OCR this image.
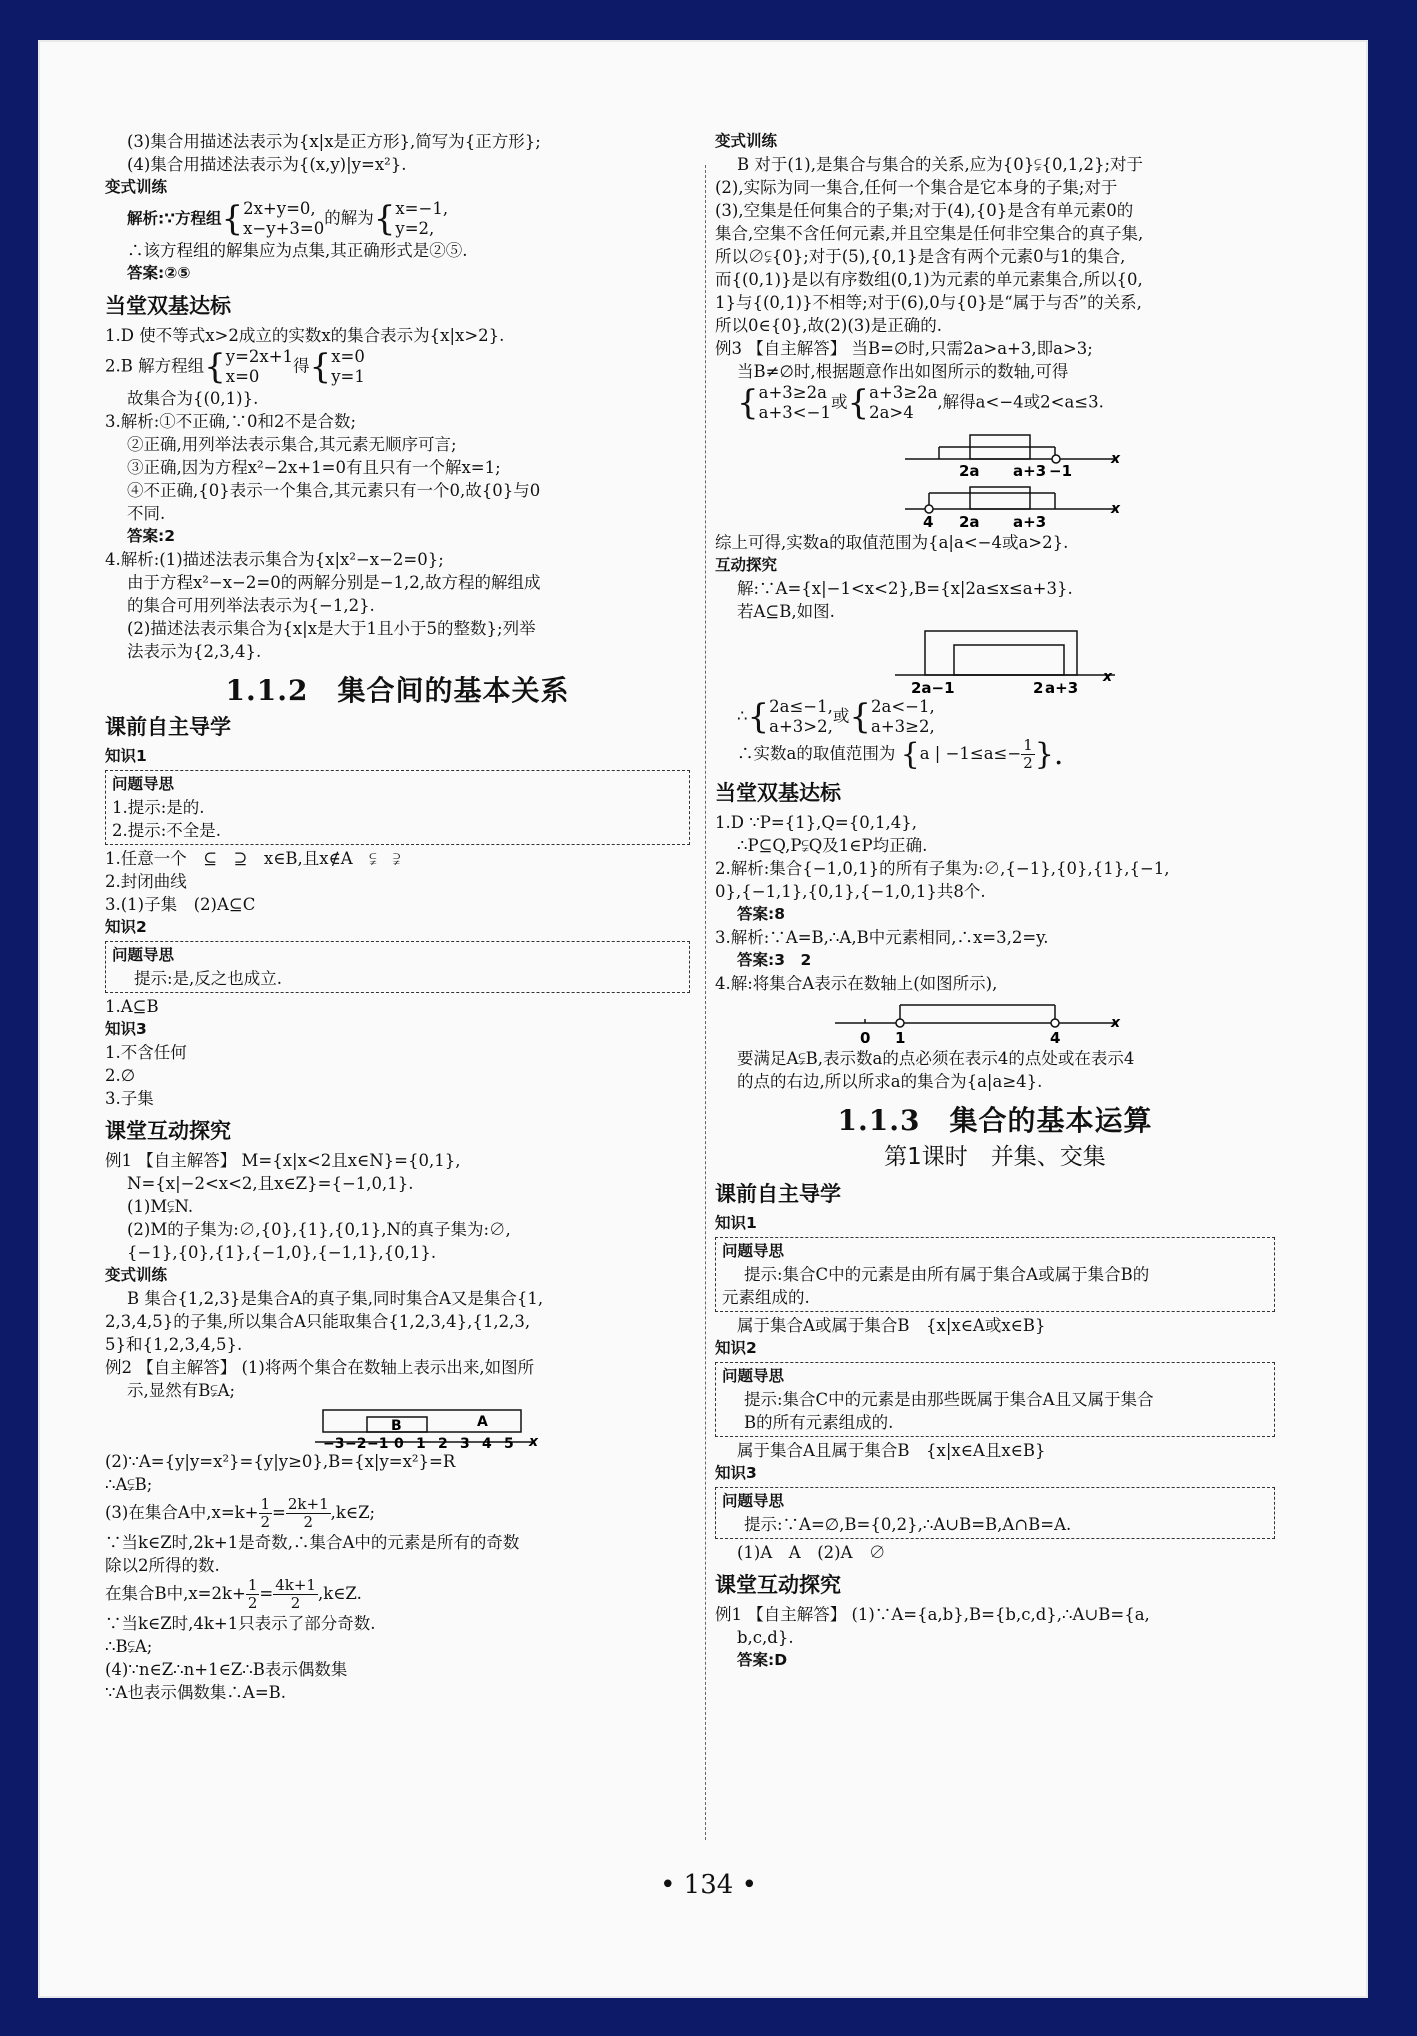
(3)集合用描述法表示为{x|x是正方形},简写为{正方形};
(4)集合用描述法表示为{(x,y)|y=x²}.
变式训练
解析:∵方程组{2x+y=0,
x−y+3=0的解为{x=−1,
y=2,
∴该方程组的解集应为点集,其正确形式是②⑤.
答案:②⑤
当堂双基达标
1.D 使不等式x>2成立的实数x的集合表示为{x|x>2}.
2.B 解方程组{y=2x+1
x=0得{x=0
y=1
故集合为{(0,1)}.
3.解析:①不正确,∵0和2不是合数;
②正确,用列举法表示集合,其元素无顺序可言;
③正确,因为方程x²−2x+1=0有且只有一个解x=1;
④不正确,{0}表示一个集合,其元素只有一个0,故{0}与0
不同.
答案:2
4.解析:(1)描述法表示集合为{x|x²−x−2=0};
由于方程x²−x−2=0的两解分别是−1,2,故方程的解组成
的集合可用列举法表示为{−1,2}.
(2)描述法表示集合为{x|x是大于1且小于5的整数};列举
法表示为{2,3,4}.
1.1.2　集合间的基本关系
课前自主导学
知识1
问题导思
1.提示:是的.
2.提示:不全是.
1.任意一个　⊆　⊇　x∈B,且x∉A　⫋　⫌
2.封闭曲线
3.(1)子集　(2)A⊆C
知识2
问题导思
提示:是,反之也成立.
1.A⊆B
知识3
1.不含任何
2.∅
3.子集
课堂互动探究
例1 【自主解答】 M={x|x<2且x∈N}={0,1},
N={x|−2<x<2,且x∈Z}={−1,0,1}.
(1)M⫋N.
(2)M的子集为:∅,{0},{1},{0,1},N的真子集为:∅,
{−1},{0},{1},{−1,0},{−1,1},{0,1}.
变式训练
B 集合{1,2,3}是集合A的真子集,同时集合A又是集合{1,
2,3,4,5}的子集,所以集合A只能取集合{1,2,3,4},{1,2,3,
5}和{1,2,3,4,5}.
例2 【自主解答】 (1)将两个集合在数轴上表示出来,如图所
示,显然有B⫋A;
B	A
−3 −2 −1 0 1 2 3 4 5 x
(2)∵A={y|y=x²}={y|y≥0},B={x|y=x²}=R
∴A⫋B;
(3)在集合A中$,x=k+ \frac{1}{2} = \frac{2k+1}{2}$ ,k∈Z;
∵当k∈Z时,2k+1是奇数,∴集合A中的元素是所有的奇数
除以2所得的数.
在集合B中$,x=2k+ \frac{1}{2} = \frac{4k+1}{2}$ ,k∈Z.
∵当k∈Z时,4k+1只表示了部分奇数.
∴B⫋A;
(4)∵n∈Z∴n+1∈Z∴B表示偶数集
∵A也表示偶数集∴A=B.
变式训练
B 对于(1),是集合与集合的关系,应为{0}⫋{0,1,2};对于
(2),实际为同一集合,任何一个集合是它本身的子集;对于
(3),空集是任何集合的子集;对于(4),{0}是含有单元素0的
集合,空集不含任何元素,并且空集是任何非空集合的真子集,
所以∅⫋{0};对于(5),{0,1}是含有两个元素0与1的集合,
而{(0,1)}是以有序数组(0,1)为元素的单元素集合,所以{0,
1}与{(0,1)}不相等;对于(6),0与{0}是“属于与否”的关系,
所以0∈{0},故(2)(3)是正确的.
例3 【自主解答】 当B=∅时,只需2a>a+3,即a>3;
当B≠∅时,根据题意作出如图所示的数轴,可得
{a+3≥2a
a+3<−1或{a+3≥2a
2a>4,解得a<−4或2<a≤3.
2a a+3 −1
x
4 2a a+3
x
综上可得,实数a的取值范围为{a|a<−4或a>2}.
互动探究
解:∵A={x|−1<x<2},B={x|2a≤x≤a+3}.
若A⊆B,如图.
2a−1	2 a+3
x
∴{2a≤−1,
a+3>2,或{2a<−1,
a+3≥2,
∴实数a的取值范围为 {a | $-1\le a\le- \frac{1}{2}$ }.
当堂双基达标
1.D ∵P={1},Q={0,1,4},
∴P⊆Q,P⫋Q及1∈P均正确.
2.解析:集合{−1,0,1}的所有子集为:∅,{−1},{0},{1},{−1,
0},{−1,1},{0,1},{−1,0,1}共8个.
答案:8
3.解析:∵A=B,∴A,B中元素相同,∴x=3,2=y.
答案:3　2
4.解:将集合A表示在数轴上(如图所示),
0 1	4
x
要满足A⫋B,表示数a的点必须在表示4的点处或在表示4
的点的右边,所以所求a的集合为{a|a≥4}.
1.1.3　集合的基本运算
第1课时　并集、交集
课前自主导学
知识1
问题导思
提示:集合C中的元素是由所有属于集合A或属于集合B的
元素组成的.
属于集合A或属于集合B　{x|x∈A或x∈B}
知识2
问题导思
提示:集合C中的元素是由那些既属于集合A且又属于集合
B的所有元素组成的.
属于集合A且属于集合B　{x|x∈A且x∈B}
知识3
问题导思
提示:∵A=∅,B={0,2},∴A∪B=B,A∩B=A.
(1)A　A　(2)A　∅
课堂互动探究
例1 【自主解答】 (1)∵A={a,b},B={b,c,d},∴A∪B={a,
b,c,d}.
答案:D
• 134 •
